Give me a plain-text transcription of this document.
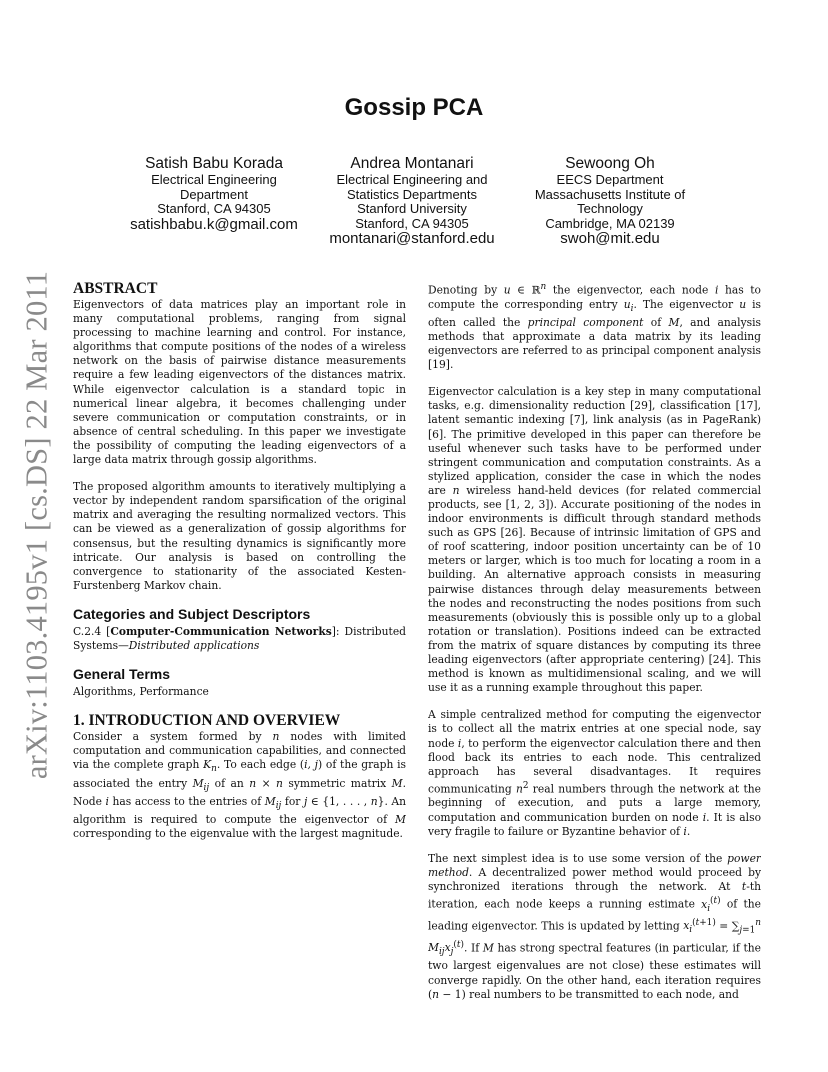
arXiv:1103.4195v1 [cs.DS] 22 Mar 2011
Gossip PCA
Satish Babu Korada
Electrical Engineering
Department
Stanford, CA 94305
satishbabu.k@gmail.com
Andrea Montanari
Electrical Engineering and
Statistics Departments
Stanford University
Stanford, CA 94305
montanari@stanford.edu
Sewoong Oh
EECS Department
Massachusetts Institute of
Technology
Cambridge, MA 02139
swoh@mit.edu
ABSTRACT

Eigenvectors of data matrices play an important role in many computational problems, ranging from signal processing to machine learning and control. For instance, algorithms that compute positions of the nodes of a wireless network on the basis of pairwise distance measurements require a few leading eigenvectors of the distances matrix. While eigenvector calculation is a standard topic in numerical linear algebra, it becomes challenging under severe communication or computation constraints, or in absence of central scheduling. In this paper we investigate the possibility of computing the leading eigenvectors of a large data matrix through gossip algorithms.

The proposed algorithm amounts to iteratively multiplying a vector by independent random sparsification of the original matrix and averaging the resulting normalized vectors. This can be viewed as a generalization of gossip algorithms for consensus, but the resulting dynamics is significantly more intricate. Our analysis is based on controlling the convergence to stationarity of the associated Kesten-Furstenberg Markov chain.

Categories and Subject Descriptors
C.2.4 [Computer-Communication Networks]: Distributed Systems—Distributed applications
General Terms
Algorithms, Performance
1. INTRODUCTION AND OVERVIEW

Consider a system formed by n nodes with limited computation and communication capabilities, and connected via the complete graph $K_n$. To each edge (i, j) of the graph is associated the entry $M_{ij}$ of an n × n symmetric matrix M. Node i has access to the entries of $M_{ij}$ for j ∈ {1, . . . , n}. An algorithm is required to compute the eigenvector of M corresponding to the eigenvalue with the largest magnitude.

Denoting by u ∈ ℝ$^n$ the eigenvector, each node i has to compute the corresponding entry $u_i$. The eigenvector u is often called the principal component of M, and analysis methods that approximate a data matrix by its leading eigenvectors are referred to as principal component analysis [19].

Eigenvector calculation is a key step in many computational tasks, e.g. dimensionality reduction [29], classification [17], latent semantic indexing [7], link analysis (as in PageRank) [6]. The primitive developed in this paper can therefore be useful whenever such tasks have to be performed under stringent communication and computation constraints. As a stylized application, consider the case in which the nodes are n wireless hand-held devices (for related commercial products, see [1, 2, 3]). Accurate positioning of the nodes in indoor environments is difficult through standard methods such as GPS [26]. Because of intrinsic limitation of GPS and of roof scattering, indoor position uncertainty can be of 10 meters or larger, which is too much for locating a room in a building. An alternative approach consists in measuring pairwise distances through delay measurements between the nodes and reconstructing the nodes positions from such measurements (obviously this is possible only up to a global rotation or translation). Positions indeed can be extracted from the matrix of square distances by computing its three leading eigenvectors (after appropriate centering) [24]. This method is known as multidimensional scaling, and we will use it as a running example throughout this paper.

A simple centralized method for computing the eigenvector is to collect all the matrix entries at one special node, say node i, to perform the eigenvector calculation there and then flood back its entries to each node. This centralized approach has several disadvantages. It requires communicating $n^2$ real numbers through the network at the beginning of execution, and puts a large memory, computation and communication burden on node i. It is also very fragile to failure or Byzantine behavior of i.

The next simplest idea is to use some version of the power method. A decentralized power method would proceed by synchronized iterations through the network. At t-th iteration, each node keeps a running estimate $x_i^{(t)}$ of the leading eigenvector. This is updated by letting $x_i^{(t+1)} = \sum_{j=1}^n$ $M_{ij}x_j^{(t)}$. If M has strong spectral features (in particular, if the two largest eigenvalues are not close) these estimates will converge rapidly. On the other hand, each iteration requires (n − 1) real numbers to be transmitted to each node, and
